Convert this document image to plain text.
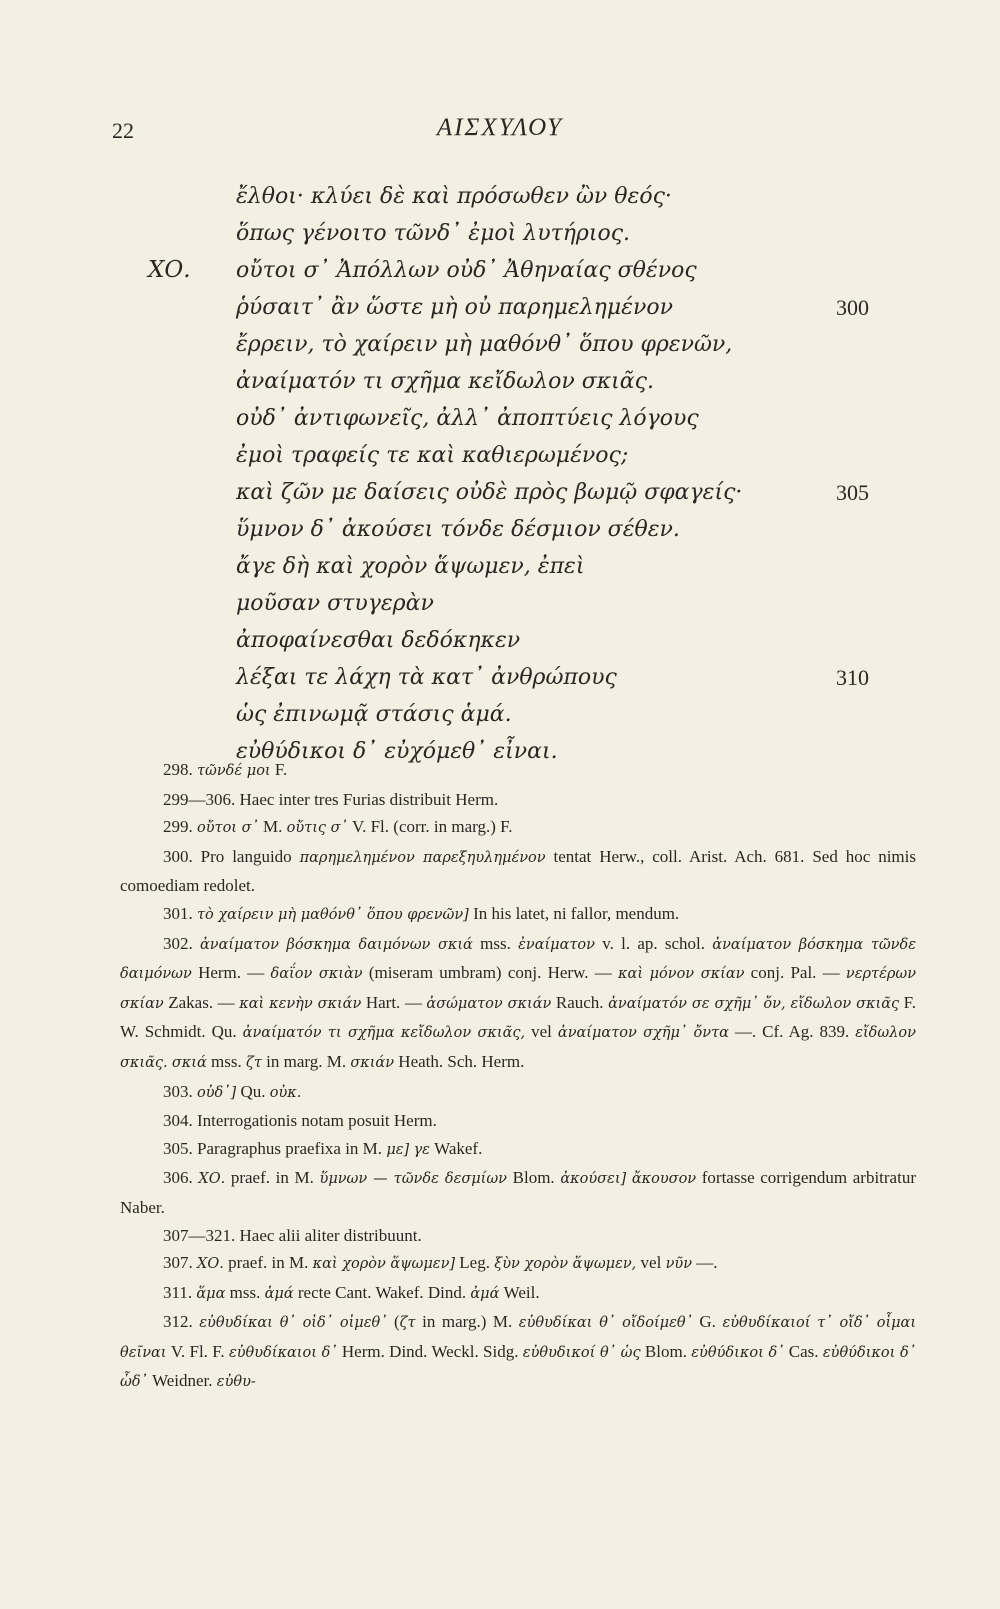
22	ΑΙΣΧΥΛΟΥ
ἔλθοι· κλύει δὲ καὶ πρόσωθεν ὢν θεός·
ὅπως γένοιτο τῶνδ᾽ ἐμοὶ λυτήριος.
ΧΟ. οὔτοι σ᾽ Ἀπόλλων οὐδ᾽ Ἀθηναίας σθένος
ῥύσαιτ᾽ ἂν ὥστε μὴ οὐ παρημελημένον	300
ἔρρειν, τὸ χαίρειν μὴ μαθόνθ᾽ ὅπου φρενῶν,
ἀναίματόν τι σχῆμα κεἴδωλον σκιᾶς.
οὐδ᾽ ἀντιφωνεῖς, ἀλλ᾽ ἀποπτύεις λόγους
ἐμοὶ τραφείς τε καὶ καθιερωμένος;
καὶ ζῶν με δαίσεις οὐδὲ πρὸς βωμῷ σφαγείς·	305
ὕμνον δ᾽ ἀκούσει τόνδε δέσμιον σέθεν.
ἄγε δὴ καὶ χορὸν ἅψωμεν, ἐπεὶ
μοῦσαν στυγερὰν
ἀποφαίνεσθαι δεδόκηκεν
λέξαι τε λάχη τὰ κατ᾽ ἀνθρώπους	310
ὡς ἐπινωμᾷ στάσις ἁμά.
εὐθύδικοι δ᾽ εὐχόμεθ᾽ εἶναι.
298. τῶνδέ μοι F.
299—306. Haec inter tres Furias distribuit Herm.
299. οὔτοι σ᾽ M. οὔτις σ᾽ V. Fl. (corr. in marg.) F.
300. Pro languido παρημελημένον παρεξηυλημένον tentat Herw., coll. Arist. Ach. 681. Sed hoc nimis comoediam redolet.
301. τὸ χαίρειν μὴ μαθόνθ᾽ ὅπου φρενῶν] In his latet, ni fallor, mendum.
302. ἀναίματον βόσκημα δαιμόνων σκιά mss. ἐναίματον v. l. ap. schol. ἀναίματον βόσκημα τῶνδε δαιμόνων Herm. — δαΐον σκιὰν (miseram umbram) conj. Herw. — καὶ μόνον σκίαν conj. Pal. — νερτέρων σκίαν Zakas. — καὶ κενὴν σκιάν Hart. — ἀσώματον σκιάν Rauch. ἀναίματόν σε σχῆμ᾽ ὄν, εἴδωλον σκιᾶς F. W. Schmidt. Qu. ἀναίματόν τι σχῆμα κεἴδωλον σκιᾶς, vel ἀναίματον σχῆμ᾽ ὄντα —. Cf. Ag. 839. εἴδωλον σκιᾶς. σκιά mss. ζτ in marg. M. σκιάν Heath. Sch. Herm.
303. οὐδ᾽] Qu. οὐκ.
304. Interrogationis notam posuit Herm.
305. Paragraphus praefixa in M. με] γε Wakef.
306. ΧΟ. praef. in M. ὕμνων — τῶνδε δεσμίων Blom. ἀκούσει] ἄκουσον fortasse corrigendum arbitratur Naber.
307—321. Haec alii aliter distribuunt.
307. ΧΟ. praef. in M. καὶ χορὸν ἅψωμεν] Leg. ξὺν χορὸν ἅψωμεν, vel νῦν —.
311. ἅμα mss. ἁμά recte Cant. Wakef. Dind. ἀμά Weil.
312. εὐθυδίκαι θ᾽ οἰδ᾽ οἰμεθ᾽ (ζτ in marg.) M. εὐθυδίκαι θ᾽ οἴδοίμεθ᾽ G. εὐθυδίκαιοί τ᾽ οἴδ᾽ οἶμαι θεῖναι V. Fl. F. εὐθυδίκαιοι δ᾽ Herm. Dind. Weckl. Sidg. εὐθυδικοί θ᾽ ὡς Blom. εὐθύδικοι δ᾽ Cas. εὐθύδικοι δ᾽ ὧδ᾽ Weidner. εὐθυ-
